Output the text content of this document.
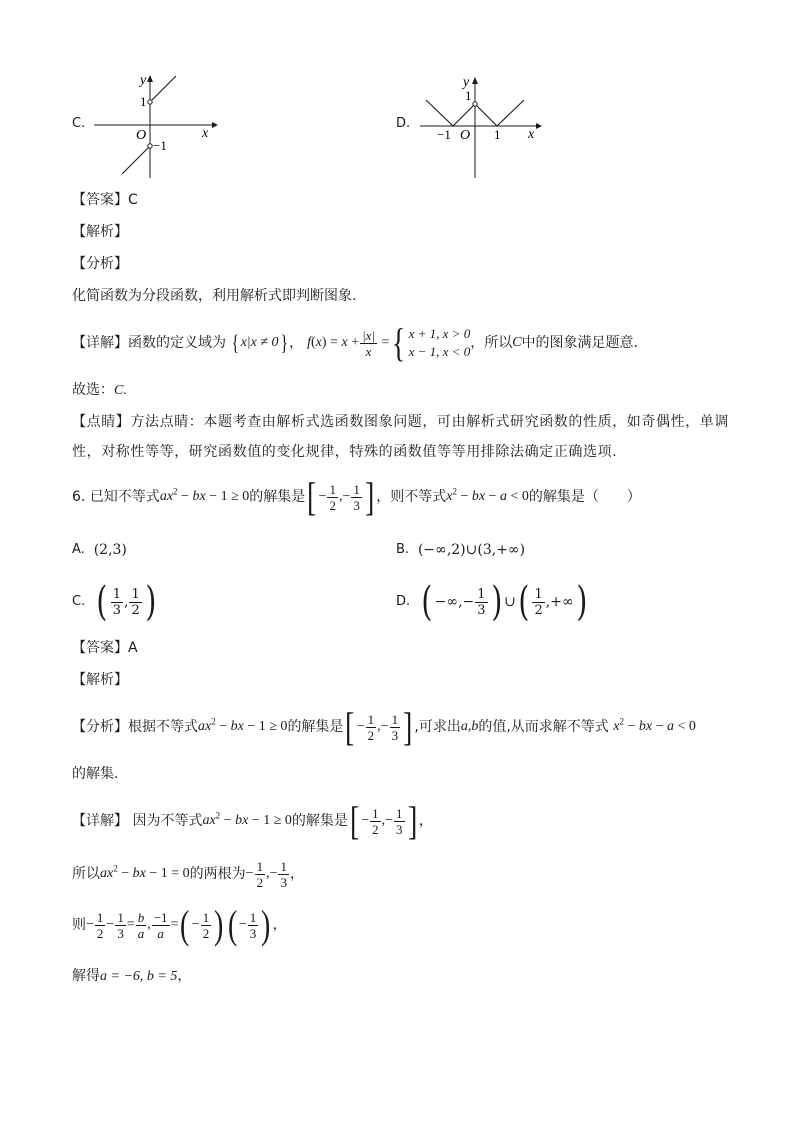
C.
y
x
O
1
−1
D.
y
x
O
1
−1	1
【答案】C
【解析】
【分析】
化简函数为分段函数，利用解析式即判断图象.
【详解】 函数的定义域为 { x|x ≠ 0} ， f ( x )
= $x + \frac{|x|}{x}$
= { x + 1, x > 0
x − 1, x < 0
，所以 C 中的图象满足题意.
故选：C.
【点睛】方法点睛：本题考查由解析式选函数图象问题，可由解析式研究函数的性质，如奇偶性，单调
性，对称性等等，研究函数值的变化规律，特殊的函数值等等用排除法确定正确选项.
6.
已知不等式 $ax^2$ − bx − 1 ≥ 0 的解集是 [ − $\frac{1}{2}$ ,− $\frac{1}{3}$ ] ，则不等式 $x^2$ − bx − a < 0 的解集是（　　）
A.
(2,3)	B.
(−∞,2)∪(3,+∞)
C.
( $\frac{1}{3}$ , $\frac{1}{2}$ )	D.
( −∞,− $\frac{1}{3}$ ) ∪ ( $\frac{1}{2}$ ,+∞ )
【答案】A
【解析】
【分析】 根据不等式 $ax^2$ − bx − 1 ≥ 0 的解集是 [ − $\frac{1}{2}$ ,− $\frac{1}{3}$ ] ,可求出 a,b 的值,从而求解不等式
$x^2$ − bx − a < 0
的解集.
【详解】
因为不等式 $ax^2$ − bx − 1 ≥ 0 的解集是 [ − $\frac{1}{2}$ ,− $\frac{1}{3}$ ] ，
所以 $ax^2$ − bx − 1 = 0 的两根为 − $\frac{1}{2}$ ,− $\frac{1}{3}$ ，
则 − $\frac{1}{2} - \frac{1}{3} = \frac{b}{a}$ , $\frac{-1}{a}$ = ( − $\frac{1}{2}$ ) ( − $\frac{1}{3}$ ) ，
解得a = −6, b = 5，
